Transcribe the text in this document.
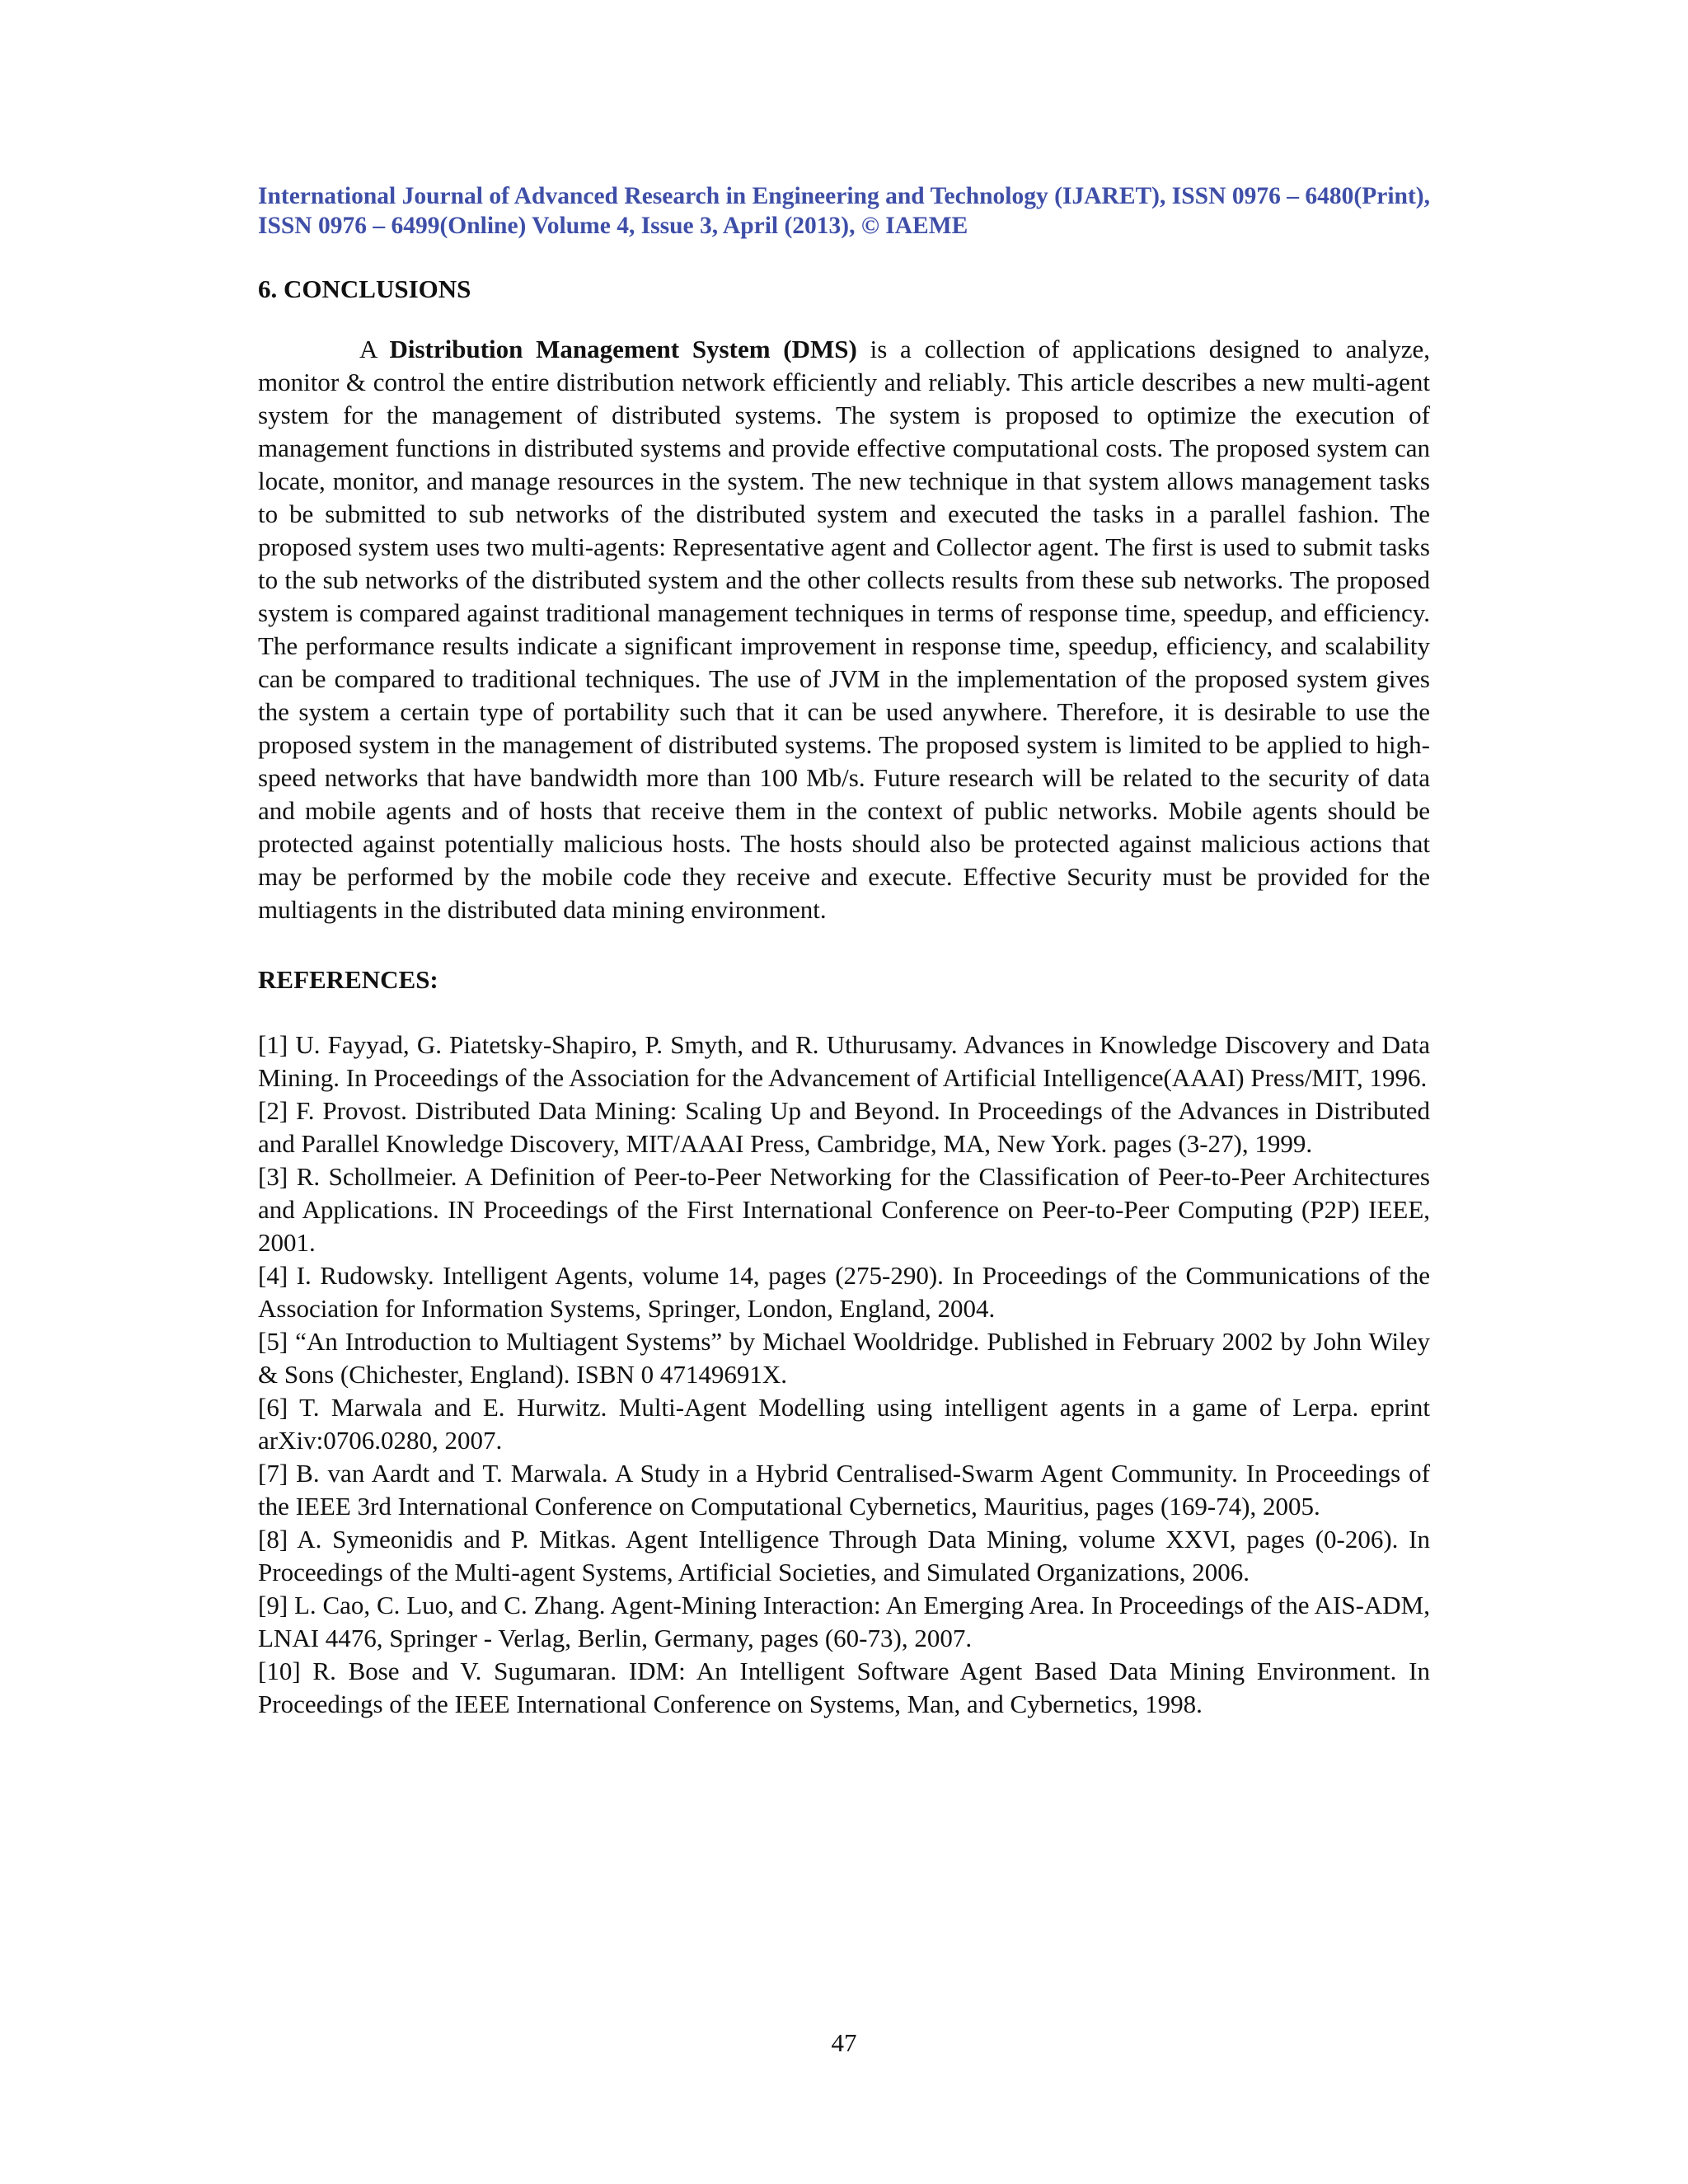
International Journal of Advanced Research in Engineering and Technology (IJARET), ISSN 0976 – 6480(Print), ISSN 0976 – 6499(Online) Volume 4, Issue 3, April (2013), © IAEME

6. CONCLUSIONS

A Distribution Management System (DMS) is a collection of applications designed to analyze, monitor & control the entire distribution network efficiently and reliably. This article describes a new multi-agent system for the management of distributed systems. The system is proposed to optimize the execution of management functions in distributed systems and provide effective computational costs. The proposed system can locate, monitor, and manage resources in the system. The new technique in that system allows management tasks to be submitted to sub networks of the distributed system and executed the tasks in a parallel fashion. The proposed system uses two multi-agents: Representative agent and Collector agent. The first is used to submit tasks to the sub networks of the distributed system and the other collects results from these sub networks. The proposed system is compared against traditional management techniques in terms of response time, speedup, and efficiency. The performance results indicate a significant improvement in response time, speedup, efficiency, and scalability can be compared to traditional techniques. The use of JVM in the implementation of the proposed system gives the system a certain type of portability such that it can be used anywhere. Therefore, it is desirable to use the proposed system in the management of distributed systems. The proposed system is limited to be applied to high-speed networks that have bandwidth more than 100 Mb/s. Future research will be related to the security of data and mobile agents and of hosts that receive them in the context of public networks. Mobile agents should be protected against potentially malicious hosts. The hosts should also be protected against malicious actions that may be performed by the mobile code they receive and execute. Effective Security must be provided for the multiagents in the distributed data mining environment.

REFERENCES:
[1] U. Fayyad, G. Piatetsky-Shapiro, P. Smyth, and R. Uthurusamy. Advances in Knowledge Discovery and Data Mining. In Proceedings of the Association for the Advancement of Artificial Intelligence(AAAI) Press/MIT, 1996.
[2] F. Provost. Distributed Data Mining: Scaling Up and Beyond. In Proceedings of the Advances in Distributed and Parallel Knowledge Discovery, MIT/AAAI Press, Cambridge, MA, New York. pages (3-27), 1999.
[3] R. Schollmeier. A Definition of Peer-to-Peer Networking for the Classification of Peer-to-Peer Architectures and Applications. IN Proceedings of the First International Conference on Peer-to-Peer Computing (P2P) IEEE, 2001.
[4] I. Rudowsky. Intelligent Agents, volume 14, pages (275-290). In Proceedings of the Communications of the Association for Information Systems, Springer, London, England, 2004.
[5] “An Introduction to Multiagent Systems” by Michael Wooldridge. Published in February 2002 by John Wiley & Sons (Chichester, England). ISBN 0 47149691X.
[6] T. Marwala and E. Hurwitz. Multi-Agent Modelling using intelligent agents in a game of Lerpa. eprint arXiv:0706.0280, 2007.
[7] B. van Aardt and T. Marwala. A Study in a Hybrid Centralised-Swarm Agent Community. In Proceedings of the IEEE 3rd International Conference on Computational Cybernetics, Mauritius, pages (169-74), 2005.
[8] A. Symeonidis and P. Mitkas. Agent Intelligence Through Data Mining, volume XXVI, pages (0-206). In Proceedings of the Multi-agent Systems, Artificial Societies, and Simulated Organizations, 2006.
[9] L. Cao, C. Luo, and C. Zhang. Agent-Mining Interaction: An Emerging Area. In Proceedings of the AIS-ADM, LNAI 4476, Springer - Verlag, Berlin, Germany, pages (60-73), 2007.
[10] R. Bose and V. Sugumaran. IDM: An Intelligent Software Agent Based Data Mining Environment. In Proceedings of the IEEE International Conference on Systems, Man, and Cybernetics, 1998.
47
